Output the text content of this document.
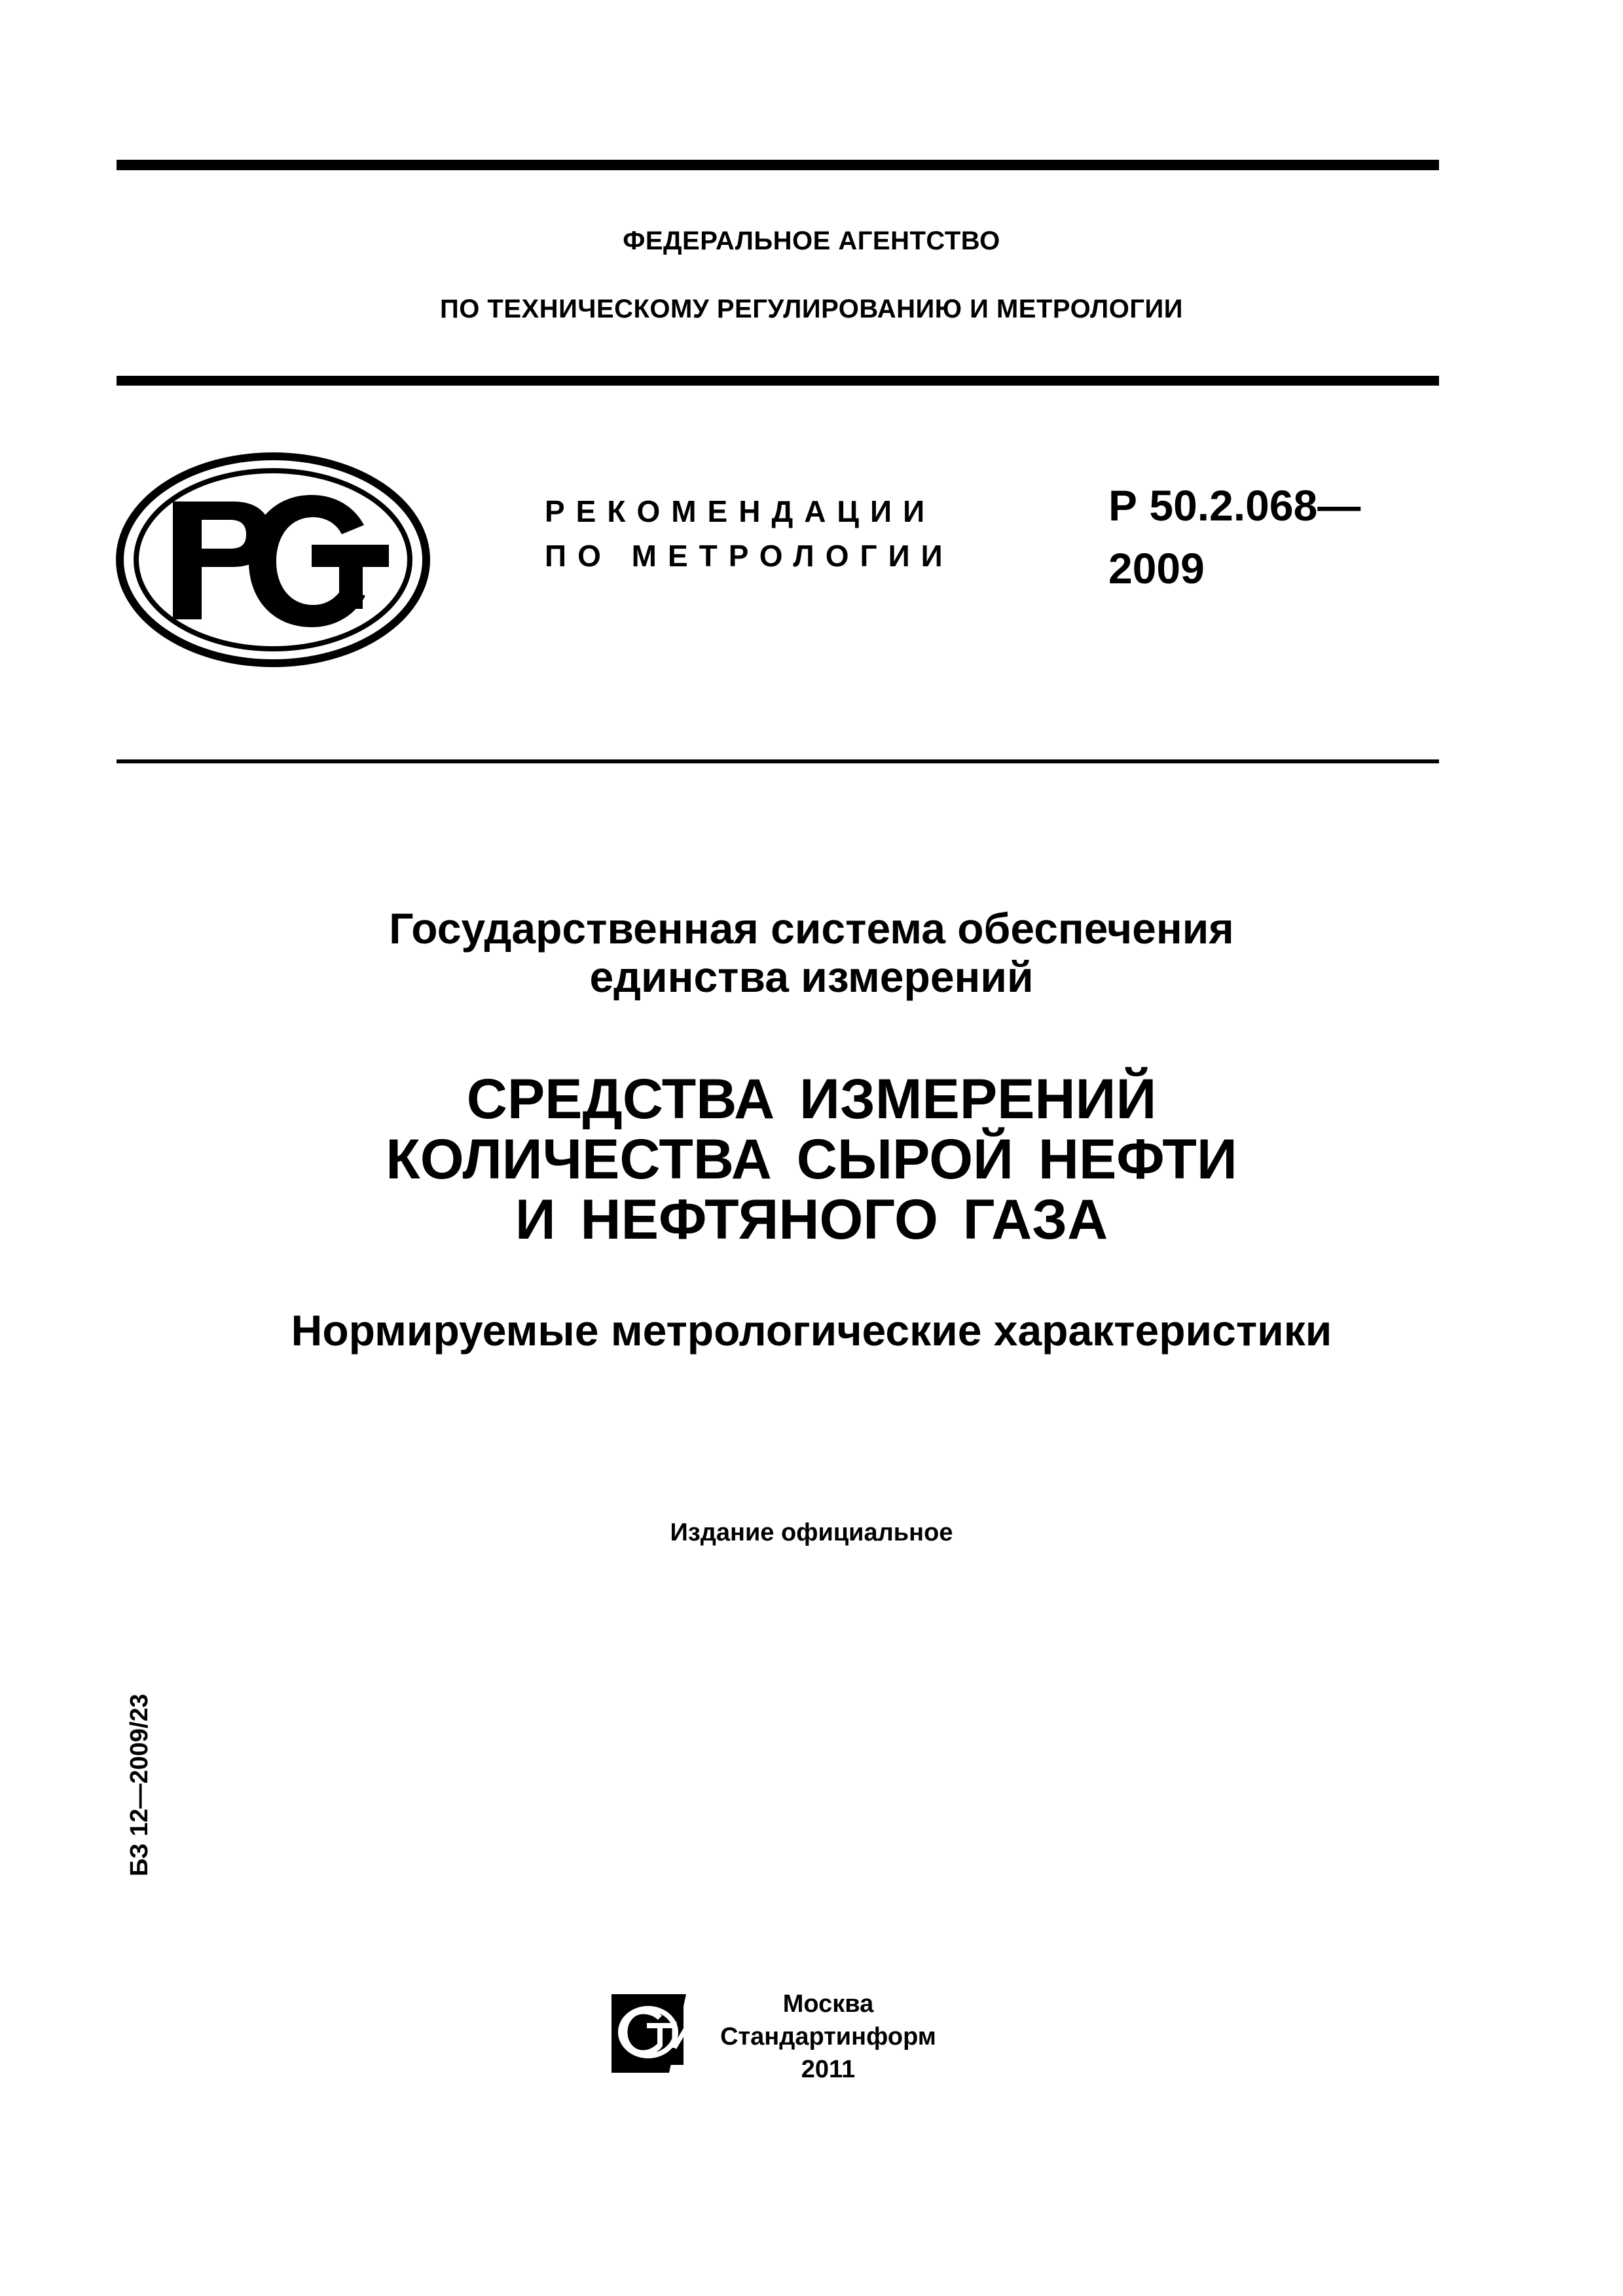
ФЕДЕРАЛЬНОЕ АГЕНТСТВО
ПО ТЕХНИЧЕСКОМУ РЕГУЛИРОВАНИЮ И МЕТРОЛОГИИ
РЕКОМЕНДАЦИИ
ПО МЕТРОЛОГИИ
Р 50.2.068—
2009
Государственная система обеспечения
единства измерений
СРЕДСТВА ИЗМЕРЕНИЙ
КОЛИЧЕСТВА СЫРОЙ НЕФТИ
И НЕФТЯНОГО ГАЗА
Нормируемые метрологические характеристики
Издание официальное
БЗ 12—2009/23
Москва
Стандартинформ
2011
